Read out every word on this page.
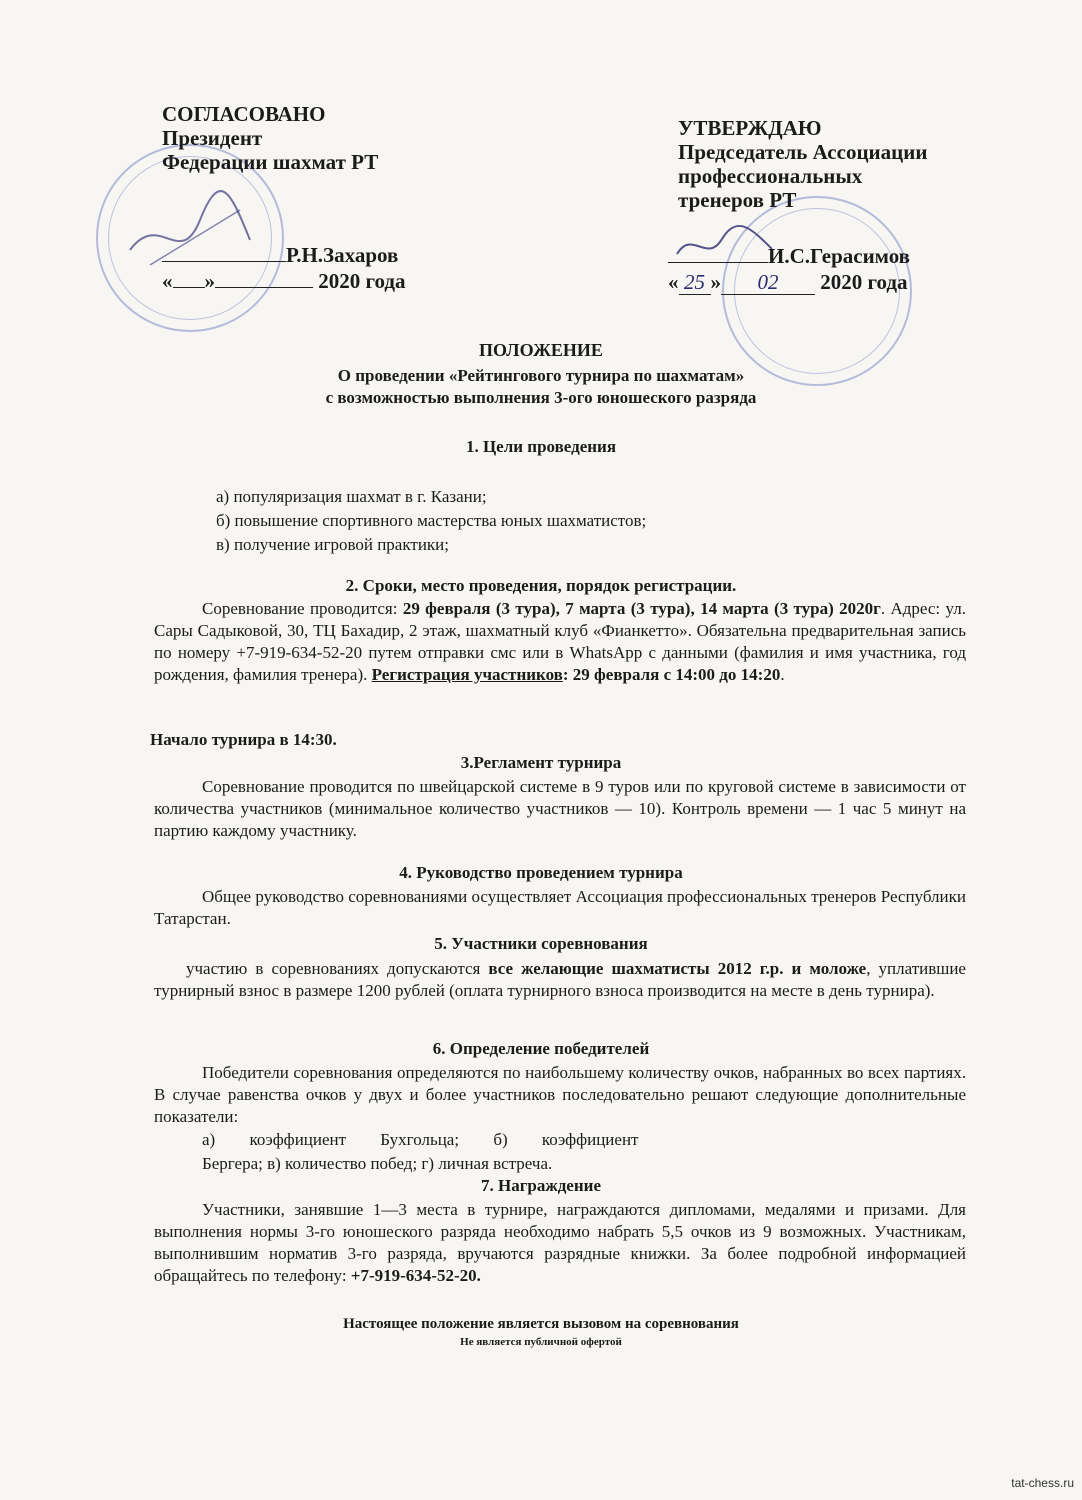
СОГЛАСОВАНО
Президент
Федерации шахмат РТ
Р.Н.Захаров
« »	2020 года
УТВЕРЖДАЮ
Председатель Ассоциации
профессиональных
тренеров РТ
И.С.Герасимов
« 25 » 02 2020 года
ПОЛОЖЕНИЕ
О проведении «Рейтингового турнира по шахматам»
с возможностью выполнения 3-ого юношеского разряда
1. Цели проведения
а) популяризация шахмат в г. Казани;
б) повышение спортивного мастерства юных шахматистов;
в) получение игровой практики;
2. Сроки, место проведения, порядок регистрации.
Соревнование проводится: 29 февраля (3 тура), 7 марта (3 тура), 14 марта (3 тура) 2020г. Адрес: ул. Сары Садыковой, 30, ТЦ Бахадир, 2 этаж, шахматный клуб «Фианкетто». Обязательна предварительная запись по номеру +7-919-634-52-20 путем отправки смс или в WhatsApp с данными (фамилия и имя участника, год рождения, фамилия тренера). Регистрация участников: 29 февраля с 14:00 до 14:20.
Начало турнира в 14:30.
3.Регламент турнира
Соревнование проводится по швейцарской системе в 9 туров или по круговой системе в зависимости от количества участников (минимальное количество участников — 10). Контроль времени — 1 час 5 минут на партию каждому участнику.
4. Руководство проведением турнира
Общее руководство соревнованиями осуществляет Ассоциация профессиональных тренеров Республики Татарстан.
5. Участники соревнования
участию в соревнованиях допускаются все желающие шахматисты 2012 г.р. и моложе, уплатившие турнирный взнос в размере 1200 рублей (оплата турнирного взноса производится на месте в день турнира).
6. Определение победителей
Победители соревнования определяются по наибольшему количеству очков, набранных во всех партиях. В случае равенства очков у двух и более участников последовательно решают следующие дополнительные показатели:
а) коэффициент Бухгольца; б) коэффициент
Бергера; в) количество побед; г) личная встреча.
7. Награждение
Участники, занявшие 1—3 места в турнире, награждаются дипломами, медалями и призами. Для выполнения нормы 3-го юношеского разряда необходимо набрать 5,5 очков из 9 возможных. Участникам, выполнившим норматив 3-го разряда, вручаются разрядные книжки. За более подробной информацией обращайтесь по телефону: +7-919-634-52-20.
Настоящее положение является вызовом на соревнования
Не является публичной офертой
tat-chess.ru
